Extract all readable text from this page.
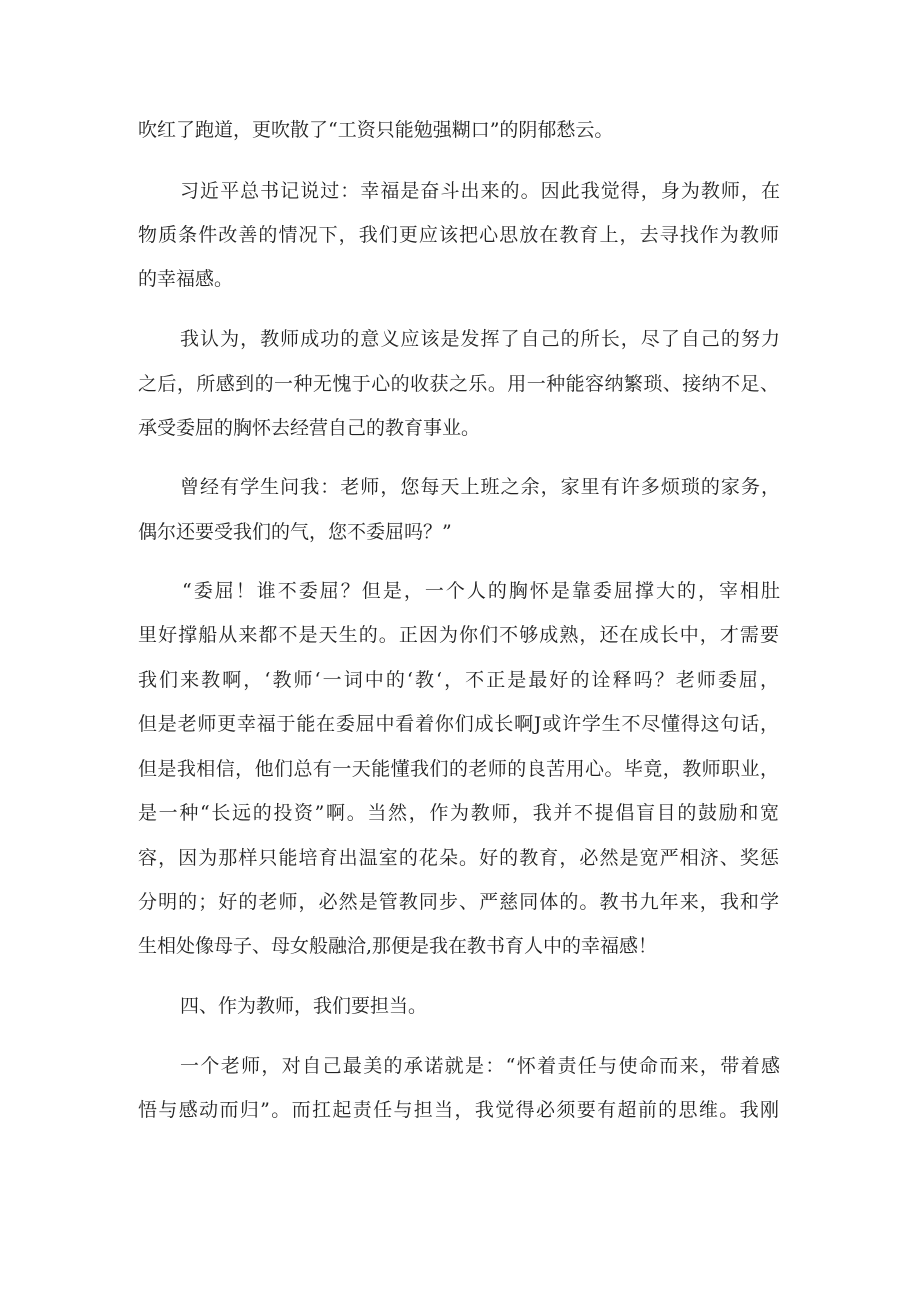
吹红了跑道，更吹散了“工资只能勉强糊口”的阴郁愁云。
习近平总书记说过：幸福是奋斗出来的。因此我觉得，身为教师，在
物质条件改善的情况下，我们更应该把心思放在教育上，去寻找作为教师
的幸福感。
我认为，教师成功的意义应该是发挥了自己的所长，尽了自己的努力
之后，所感到的一种无愧于心的收获之乐。用一种能容纳繁琐、接纳不足、
承受委屈的胸怀去经营自己的教育事业。
曾经有学生问我：老师，您每天上班之余，家里有许多烦琐的家务，
偶尔还要受我们的气，您不委屈吗？”
“委屈！谁不委屈？但是，一个人的胸怀是靠委屈撑大的，宰相肚
里好撑船从来都不是天生的。正因为你们不够成熟，还在成长中，才需要
我们来教啊，‘教师‘一词中的‘教‘，不正是最好的诠释吗？老师委屈，
但是老师更幸福于能在委屈中看着你们成长啊J或许学生不尽懂得这句话，
但是我相信，他们总有一天能懂我们的老师的良苦用心。毕竟，教师职业，
是一种“长远的投资”啊。当然，作为教师，我并不提倡盲目的鼓励和宽
容，因为那样只能培育出温室的花朵。好的教育，必然是宽严相济、奖惩
分明的；好的老师，必然是管教同步、严慈同体的。教书九年来，我和学
生相处像母子、母女般融洽,那便是我在教书育人中的幸福感！
四、作为教师，我们要担当。
一个老师，对自己最美的承诺就是：“怀着责任与使命而来，带着感
悟与感动而归”。而扛起责任与担当，我觉得必须要有超前的思维。我刚
